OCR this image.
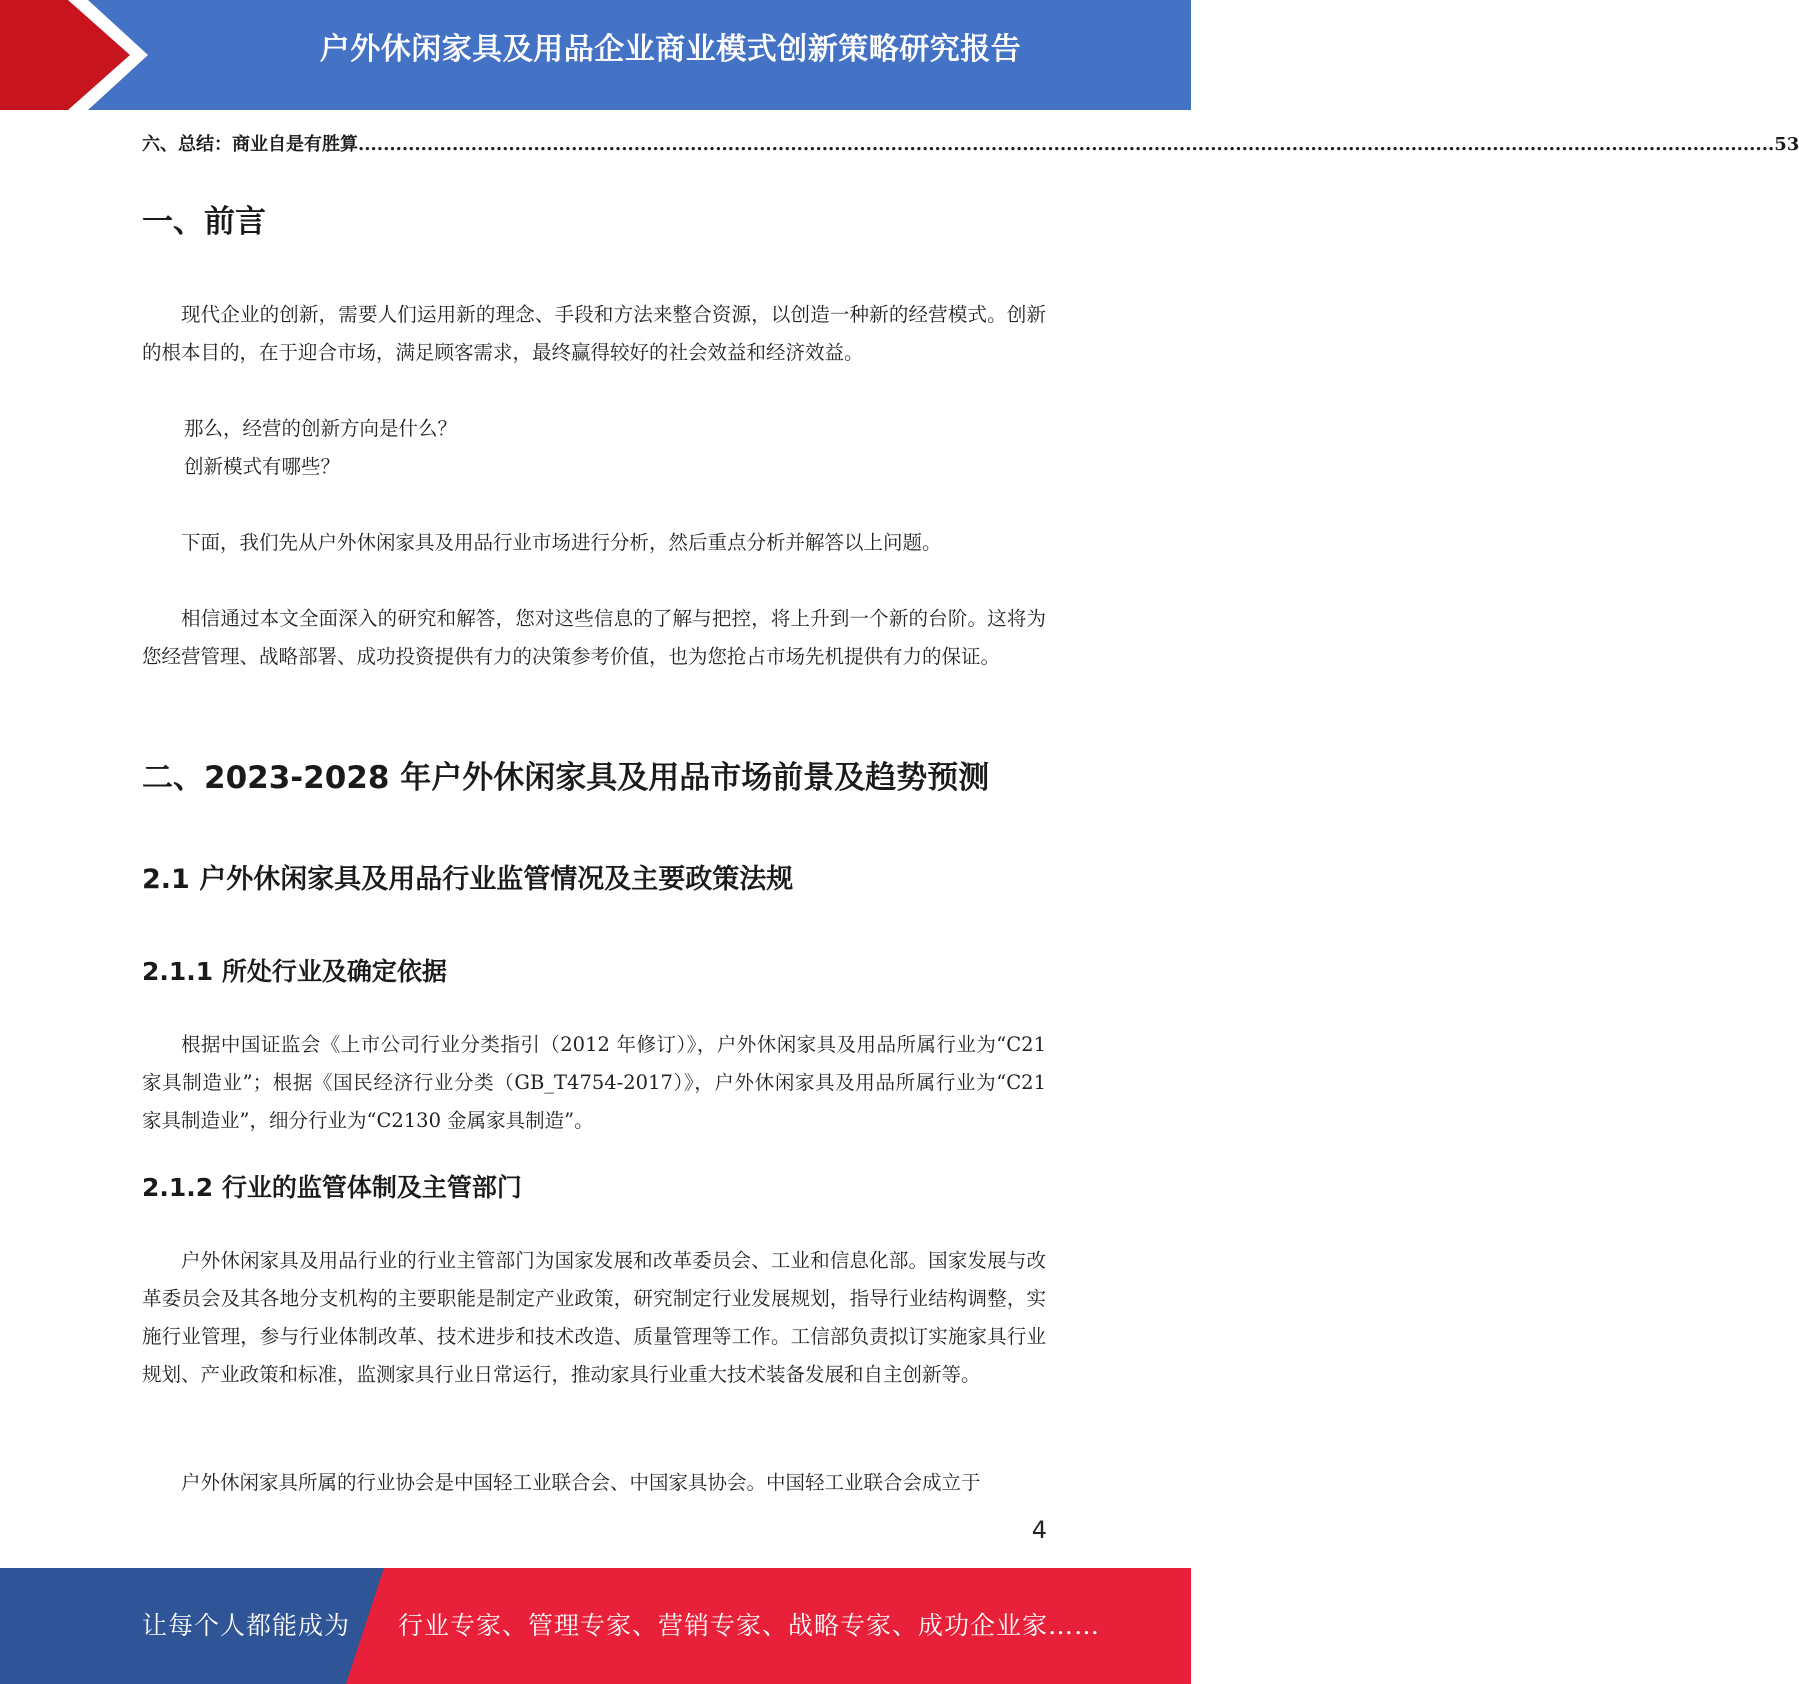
户外休闲家具及用品企业商业模式创新策略研究报告
六、总结：商业自是有胜算 .................................................................................................................................................................................................................................. 53
一、前言
现代企业的创新，需要人们运用新的理念、手段和方法来整合资源，以创造一种新的经营模式。创新的根本目的，在于迎合市场，满足顾客需求，最终赢得较好的社会效益和经济效益。
那么，经营的创新方向是什么？
创新模式有哪些？
下面，我们先从户外休闲家具及用品行业市场进行分析，然后重点分析并解答以上问题。
相信通过本文全面深入的研究和解答，您对这些信息的了解与把控，将上升到一个新的台阶。这将为您经营管理、战略部署、成功投资提供有力的决策参考价值，也为您抢占市场先机提供有力的保证。
二、2023-2028 年户外休闲家具及用品市场前景及趋势预测
2.1 户外休闲家具及用品行业监管情况及主要政策法规
2.1.1 所处行业及确定依据
根据中国证监会《上市公司行业分类指引（2012 年修订）》，户外休闲家具及用品所属行业为“C21 家具制造业”；根据《国民经济行业分类（GB_T4754-2017）》，户外休闲家具及用品所属行业为“C21 家具制造业”，细分行业为“C2130 金属家具制造”。
2.1.2 行业的监管体制及主管部门
户外休闲家具及用品行业的行业主管部门为国家发展和改革委员会、工业和信息化部。国家发展与改革委员会及其各地分支机构的主要职能是制定产业政策，研究制定行业发展规划，指导行业结构调整，实施行业管理，参与行业体制改革、技术进步和技术改造、质量管理等工作。工信部负责拟订实施家具行业规划、产业政策和标准，监测家具行业日常运行，推动家具行业重大技术装备发展和自主创新等。
户外休闲家具所属的行业协会是中国轻工业联合会、中国家具协会。中国轻工业联合会成立于
4
让每个人都能成为 行业专家、管理专家、营销专家、战略专家、成功企业家……
